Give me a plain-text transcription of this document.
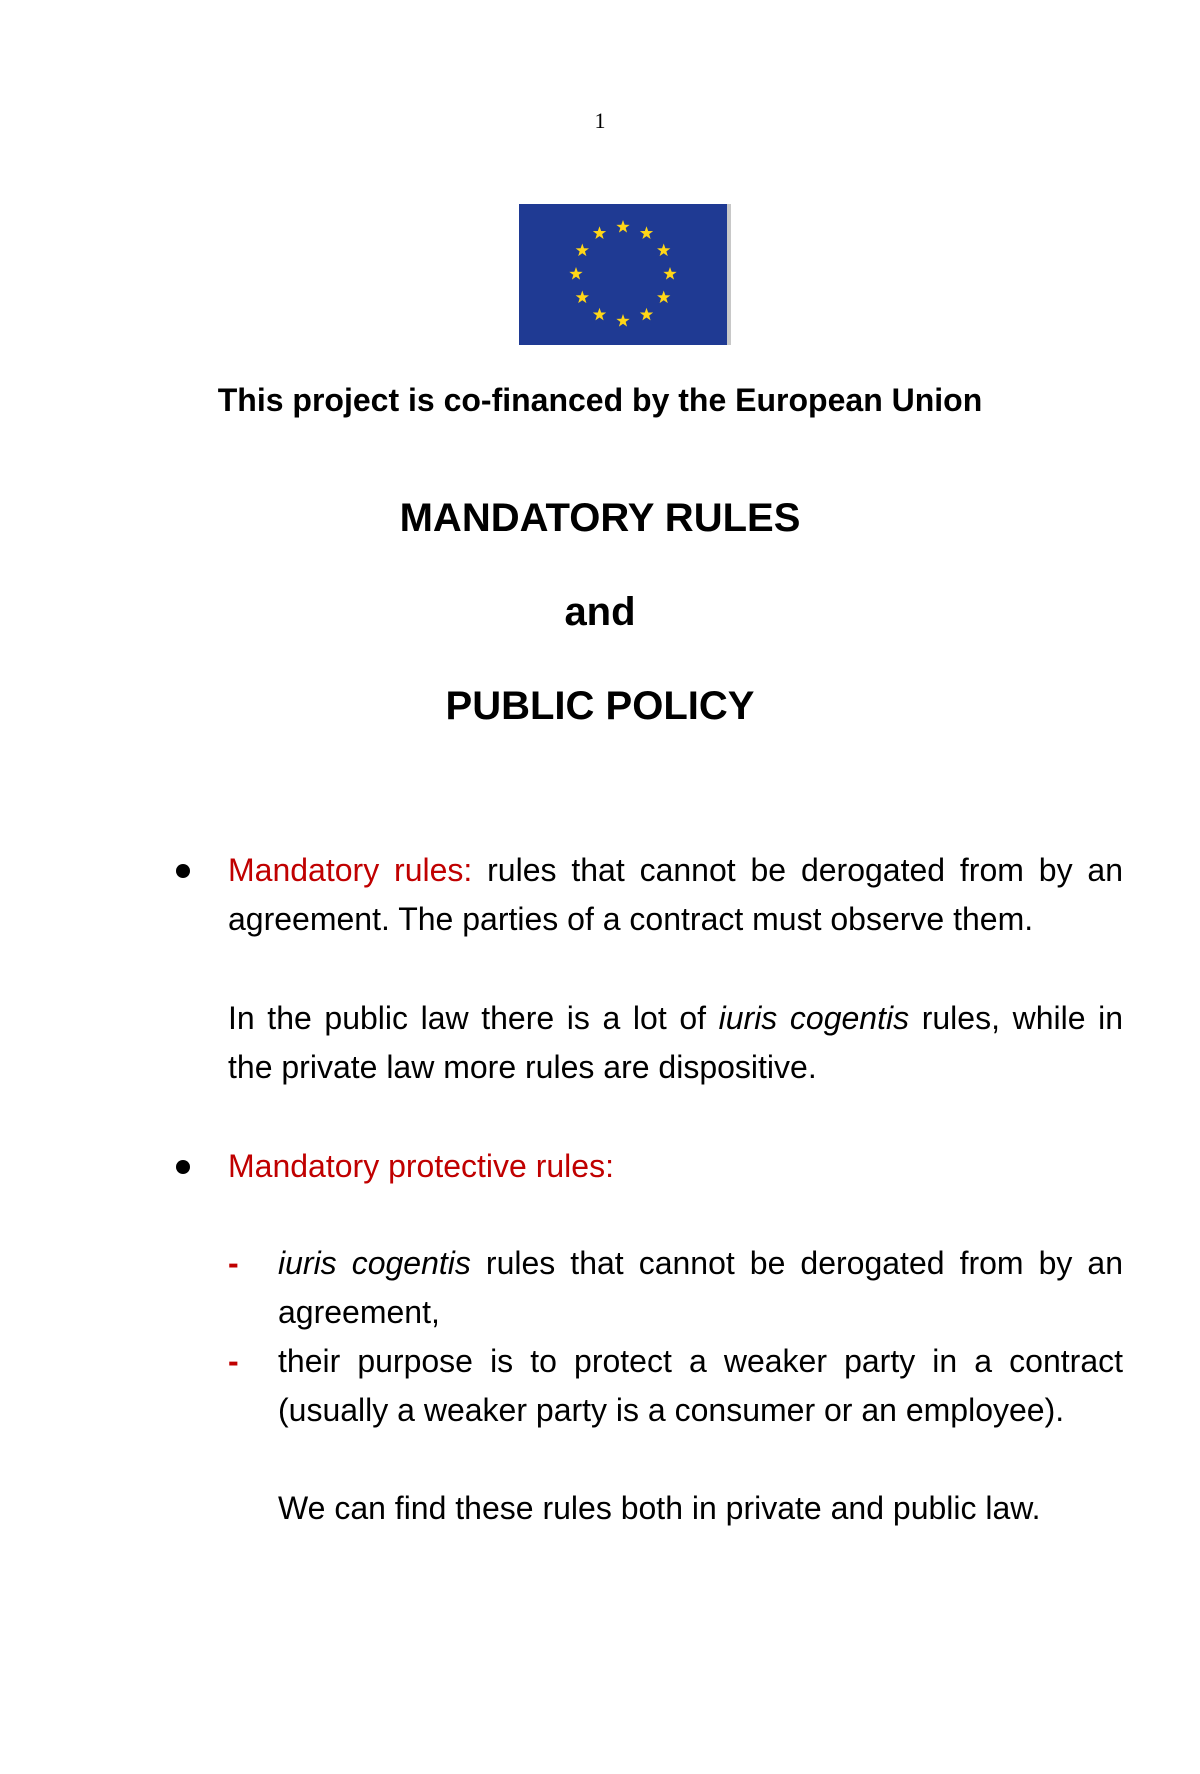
1
This project is co-financed by the European Union
MANDATORY RULES
and
PUBLIC POLICY
Mandatory rules: rules that cannot be derogated from by an agreement. The parties of a contract must observe them.
In the public law there is a lot of iuris cogentis rules, while in the private law more rules are dispositive.
Mandatory protective rules:
- iuris cogentis rules that cannot be derogated from by an agreement,
- their purpose is to protect a weaker party in a contract (usually a weaker party is a consumer or an employee).
We can find these rules both in private and public law.
